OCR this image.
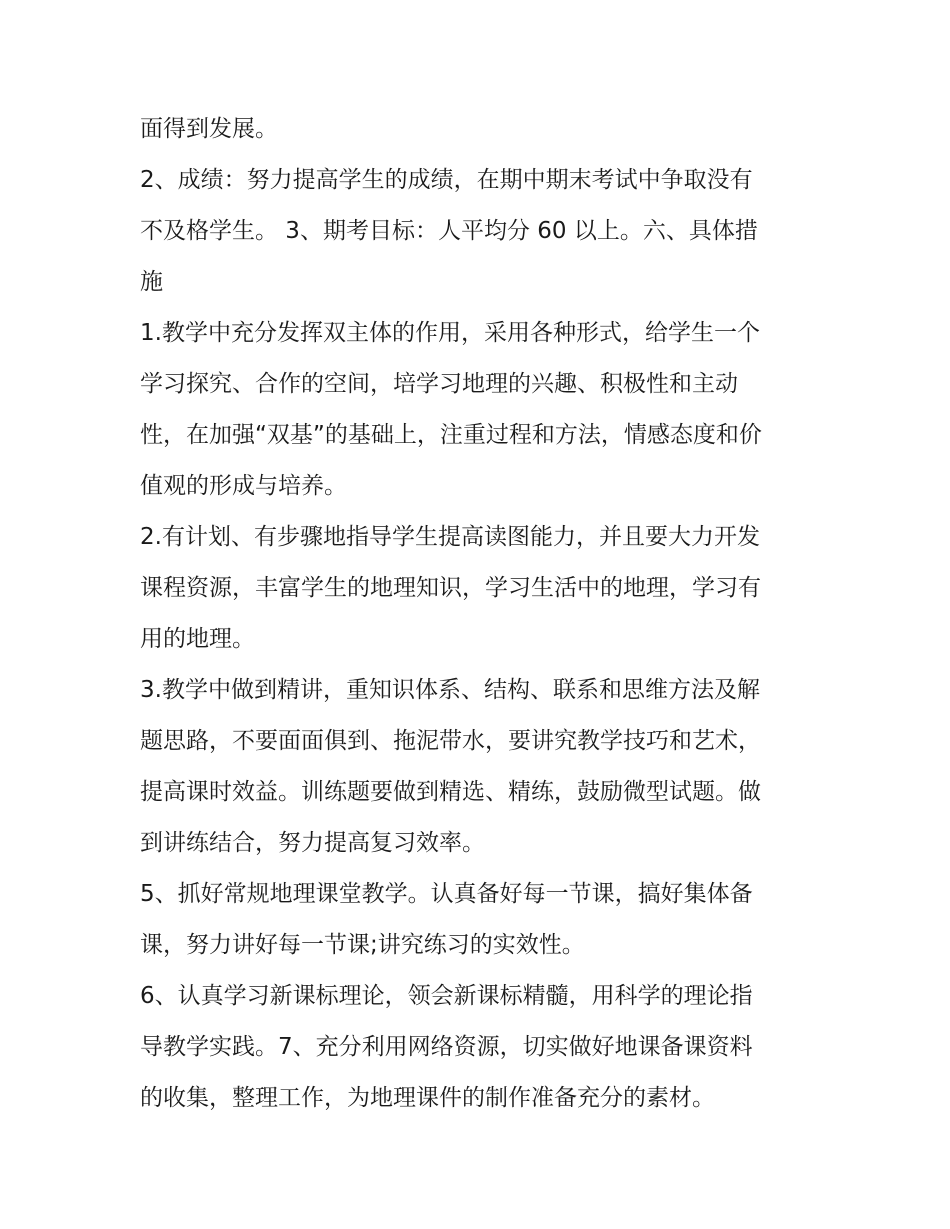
面得到发展。
2、成绩：努力提高学生的成绩，在期中期末考试中争取没有
不及格学生。 3、期考目标：人平均分 60 以上。六、具体措
施
1.教学中充分发挥双主体的作用，采用各种形式，给学生一个
学习探究、合作的空间，培学习地理的兴趣、积极性和主动
性，在加强“双基”的基础上，注重过程和方法，情感态度和价
值观的形成与培养。
2.有计划、有步骤地指导学生提高读图能力，并且要大力开发
课程资源，丰富学生的地理知识，学习生活中的地理，学习有
用的地理。
3.教学中做到精讲，重知识体系、结构、联系和思维方法及解
题思路，不要面面俱到、拖泥带水，要讲究教学技巧和艺术，
提高课时效益。训练题要做到精选、精练，鼓励微型试题。做
到讲练结合，努力提高复习效率。
5、抓好常规地理课堂教学。认真备好每一节课，搞好集体备
课，努力讲好每一节课;讲究练习的实效性。
6、认真学习新课标理论，领会新课标精髓，用科学的理论指
导教学实践。7、充分利用网络资源，切实做好地课备课资料
的收集，整理工作，为地理课件的制作准备充分的素材。
